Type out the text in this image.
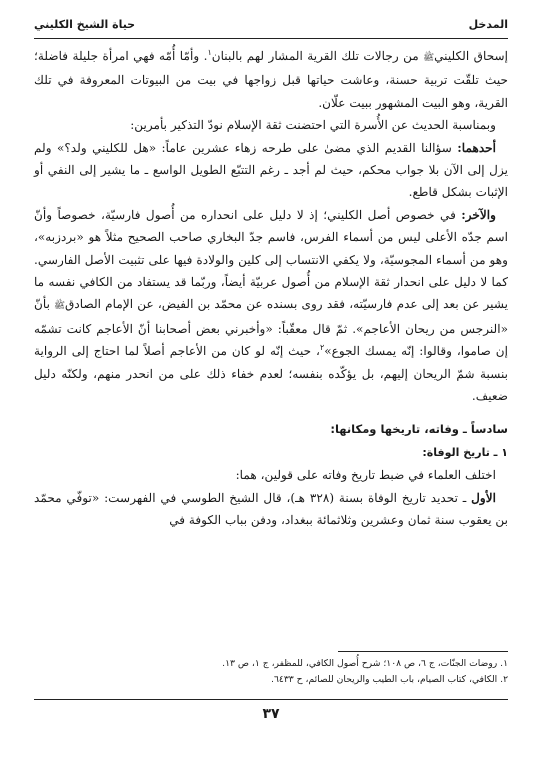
المدخل
حياة الشيخ الكليني

إسحاق الكلينيﷺ من رجالات تلك القرية المشار لهم بالبنان$^١$. وأمّا أُمّه فهي امرأة جليلة فاضلة؛ حيث تلقّت تربية حسنة، وعاشت حياتها قبل زواجها في بيت من البيوتات المعروفة في تلك القرية، وهو البيت المشهور ببيت علّان.

وبمناسبة الحديث عن الأُسرة التي احتضنت ثقة الإسلام نودّ التذكير بأمرين:

أحدهما: سؤالنا القديم الذي مضىٰ على طرحه زهاء عشرين عاماً: «هل للكليني ولد؟» ولم يزل إلى الآن بلا جواب محكم، حيث لم أجد ـ رغم التتبّع الطويل الواسع ـ ما يشير إلى النفي أو الإثبات بشكل قاطع.

والآخر: في خصوص أصل الكليني؛ إذ لا دليل على انحداره من أُصول فارسيّة، خصوصاً وأنّ اسم جدّه الأعلى ليس من أسماء الفرس، فاسم جدّ البخاري صاحب الصحيح مثلاً هو «بردزبه»، وهو من أسماء المجوسيّة، ولا يكفي الانتساب إلى كلين والولادة فيها على تثبيت الأصل الفارسي. كما لا دليل على انحدار ثقة الإسلام من أُصول عربيّة أيضاً، وربّما قد يستفاد من الكافي نفسه ما يشير عن بعد إلى عدم فارسيّته، فقد روى بسنده عن محمّد بن الفيض، عن الإمام الصادقﷺ بأنّ «النرجس من ريحان الأعاجم». ثمّ قال معقّباً: «وأخبرني بعض أصحابنا أنّ الأعاجم كانت تشمّه إن صاموا، وقالوا: إنّه يمسك الجوع»$^٢$، حيث إنّه لو كان من الأعاجم أصلاً لما احتاج إلى الرواية بنسبة شمّ الريحان إليهم، بل يؤكّده بنفسه؛ لعدم خفاء ذلك على من انحدر منهم، ولكنّه دليل ضعيف.

سادساً ـ وفاته، تاريخها ومكانها:

١ ـ تاريخ الوفاة:

اختلف العلماء في ضبط تاريخ وفاته على قولين، هما:

الأول ـ تحديد تاريخ الوفاة بسنة (٣٢٨ هـ)، قال الشيخ الطوسي في الفهرست: «توفّي محمّد بن يعقوب سنة ثمان وعشرين وثلاثمائة ببغداد، ودفن بباب الكوفة في

١. روضات الجنّات، ج ٦، ص ١٠٨؛ شرح أُصول الكافي، للمظفر، ج ١، ص ١٣.

٢. الكافي، كتاب الصيام، باب الطيب والريحان للصائم، ح ٦٤٣٣.

٣٧
